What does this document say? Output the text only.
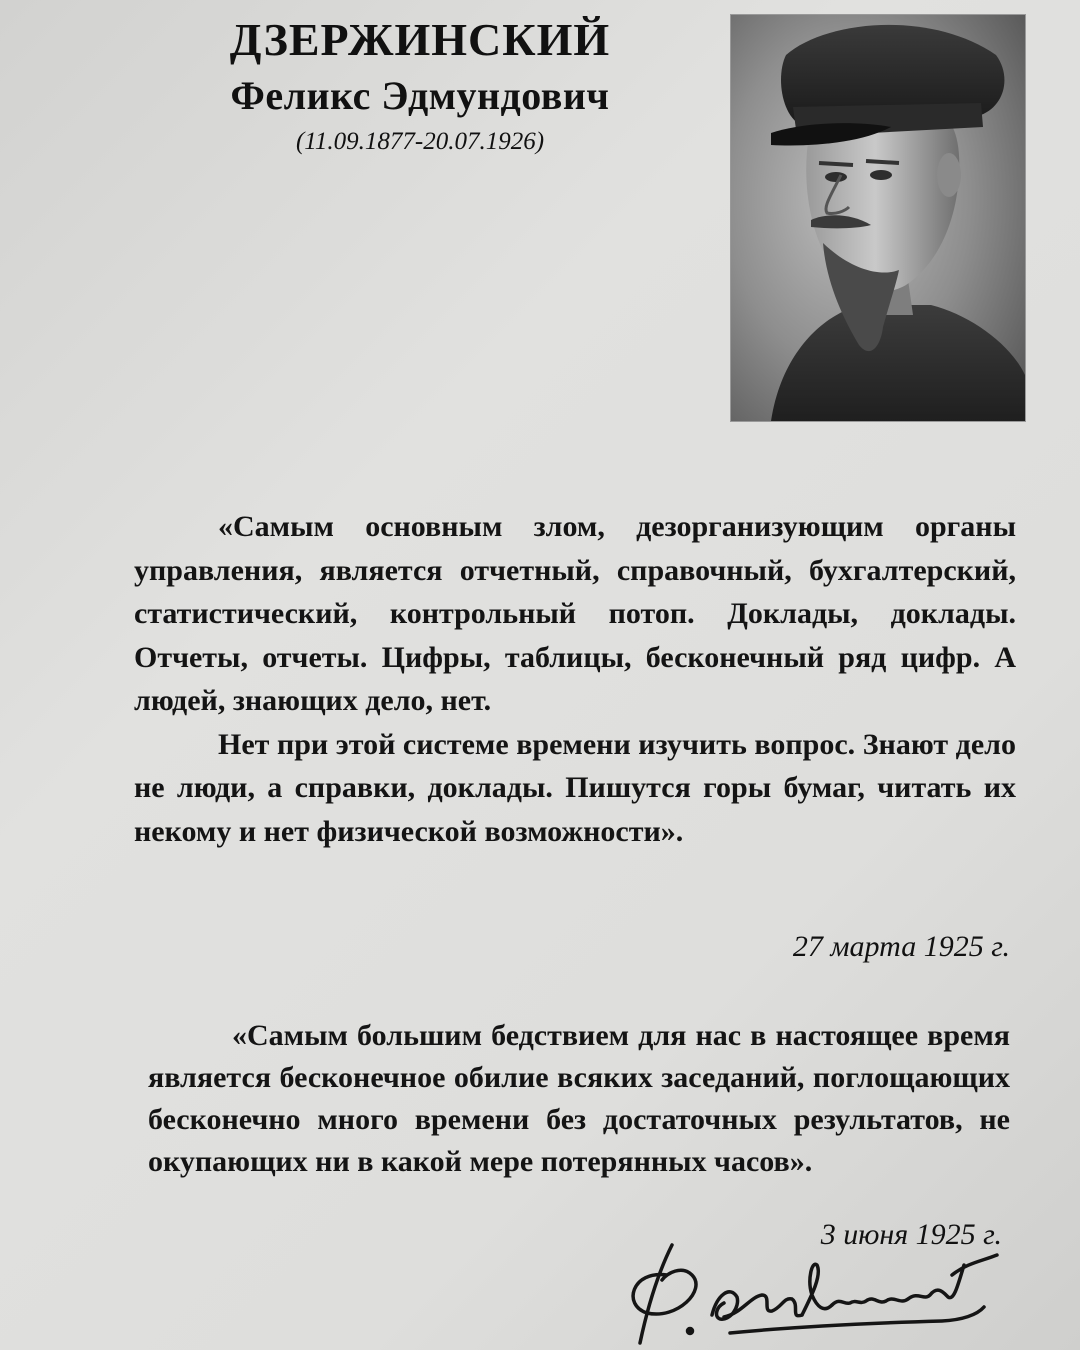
ДЗЕРЖИНСКИЙ

Феликс Эдмундович

(11.09.1877-20.07.1926)

«Самым основным злом, дезорганизующим органы управления, является отчетный, справочный, бухгалтерский, статистический, контрольный потоп. Доклады, доклады. Отчеты, отчеты. Цифры, таблицы, бесконечный ряд цифр. А людей, знающих дело, нет.

Нет при этой системе времени изучить вопрос. Знают дело не люди, а справки, доклады. Пишутся горы бумаг, читать их некому и нет физической возможности».

27 марта 1925 г.

«Самым большим бедствием для нас в настоящее время является бесконечное обилие всяких заседаний, поглощающих бесконечно много времени без достаточных результатов, не окупающих ни в какой мере потерянных часов».

3 июня 1925 г.
